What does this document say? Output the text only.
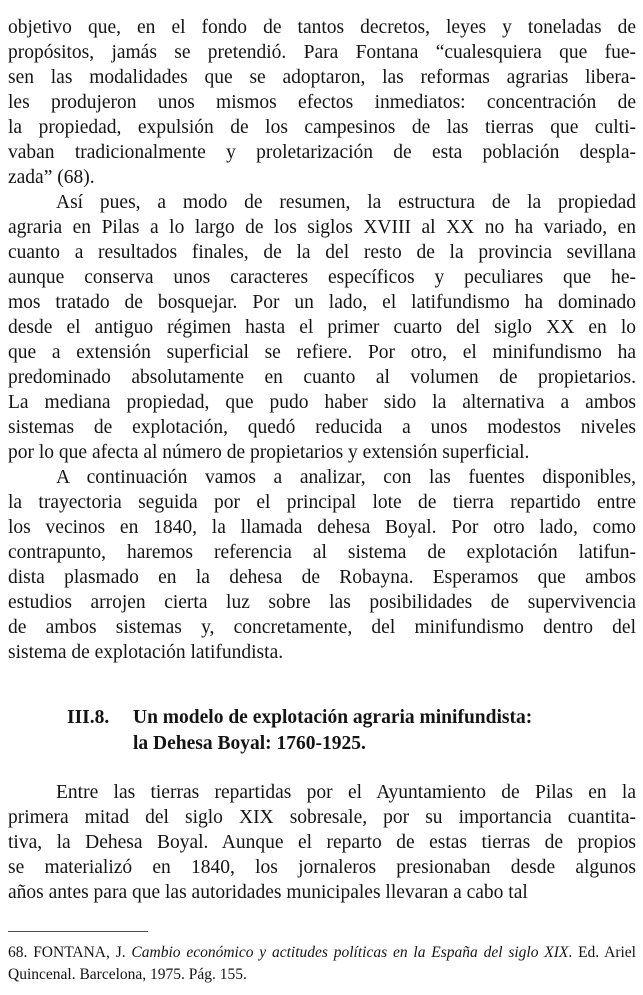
objetivo que, en el fondo de tantos decretos, leyes y toneladas de
propósitos, jamás se pretendió. Para Fontana “cualesquiera que fue-
sen las modalidades que se adoptaron, las reformas agrarias libera-
les produjeron unos mismos efectos inmediatos: concentración de
la propiedad, expulsión de los campesinos de las tierras que culti-
vaban tradicionalmente y proletarización de esta población despla-
zada” (68).
Así pues, a modo de resumen, la estructura de la propiedad
agraria en Pilas a lo largo de los siglos XVIII al XX no ha variado, en
cuanto a resultados finales, de la del resto de la provincia sevillana
aunque conserva unos caracteres específicos y peculiares que he-
mos tratado de bosquejar. Por un lado, el latifundismo ha dominado
desde el antiguo régimen hasta el primer cuarto del siglo XX en lo
que a extensión superficial se refiere. Por otro, el minifundismo ha
predominado absolutamente en cuanto al volumen de propietarios.
La mediana propiedad, que pudo haber sido la alternativa a ambos
sistemas de explotación, quedó reducida a unos modestos niveles
por lo que afecta al número de propietarios y extensión superficial.
A continuación vamos a analizar, con las fuentes disponibles,
la trayectoria seguida por el principal lote de tierra repartido entre
los vecinos en 1840, la llamada dehesa Boyal. Por otro lado, como
contrapunto, haremos referencia al sistema de explotación latifun-
dista plasmado en la dehesa de Robayna. Esperamos que ambos
estudios arrojen cierta luz sobre las posibilidades de supervivencia
de ambos sistemas y, concretamente, del minifundismo dentro del
sistema de explotación latifundista.
III.8.	Un modelo de explotación agraria minifundista:
la Dehesa Boyal: 1760-1925.
Entre las tierras repartidas por el Ayuntamiento de Pilas en la
primera mitad del siglo XIX sobresale, por su importancia cuantita-
tiva, la Dehesa Boyal. Aunque el reparto de estas tierras de propios
se materializó en 1840, los jornaleros presionaban desde algunos
años antes para que las autoridades municipales llevaran a cabo tal

68. FONTANA, J. Cambio económico y actitudes políticas en la España del siglo XIX. Ed. Ariel Quincenal. Barcelona, 1975. Pág. 155.
